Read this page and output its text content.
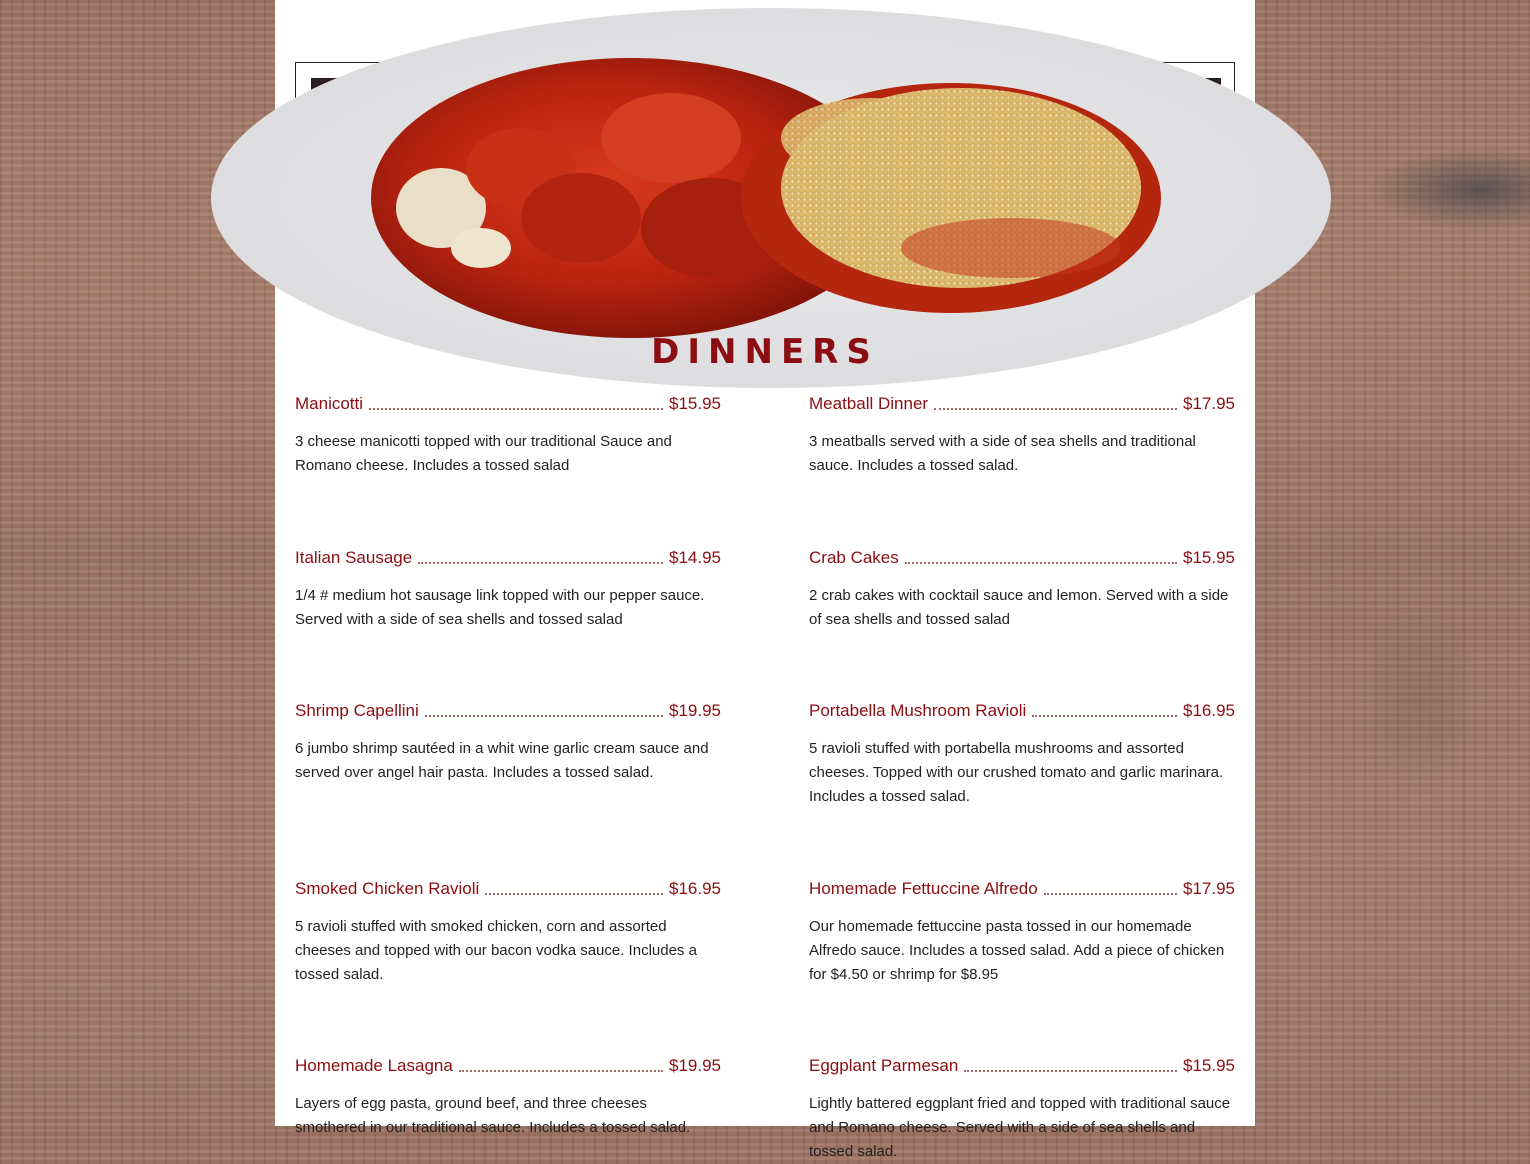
DINNERS
Manicotti	$15.95
3 cheese manicotti topped with our traditional Sauce and Romano cheese. Includes a tossed salad
Meatball Dinner	$17.95
3 meatballs served with a side of sea shells and traditional sauce. Includes a tossed salad.
Italian Sausage	$14.95
1/4 # medium hot sausage link topped with our pepper sauce. Served with a side of sea shells and tossed salad
Crab Cakes	$15.95
2 crab cakes with cocktail sauce and lemon. Served with a side of sea shells and tossed salad
Shrimp Capellini	$19.95
6 jumbo shrimp sautéed in a whit wine garlic cream sauce and served over angel hair pasta. Includes a tossed salad.
Portabella Mushroom Ravioli	$16.95
5 ravioli stuffed with portabella mushrooms and assorted cheeses. Topped with our crushed tomato and garlic marinara. Includes a tossed salad.
Smoked Chicken Ravioli	$16.95
5 ravioli stuffed with smoked chicken, corn and assorted cheeses and topped with our bacon vodka sauce. Includes a tossed salad.
Homemade Fettuccine Alfredo	$17.95
Our homemade fettuccine pasta tossed in our homemade Alfredo sauce. Includes a tossed salad. Add a piece of chicken for $4.50 or shrimp for $8.95
Homemade Lasagna	$19.95
Layers of egg pasta, ground beef, and three cheeses smothered in our traditional sauce. Includes a tossed salad.
Eggplant Parmesan	$15.95
Lightly battered eggplant fried and topped with traditional sauce and Romano cheese. Served with a side of sea shells and tossed salad.
